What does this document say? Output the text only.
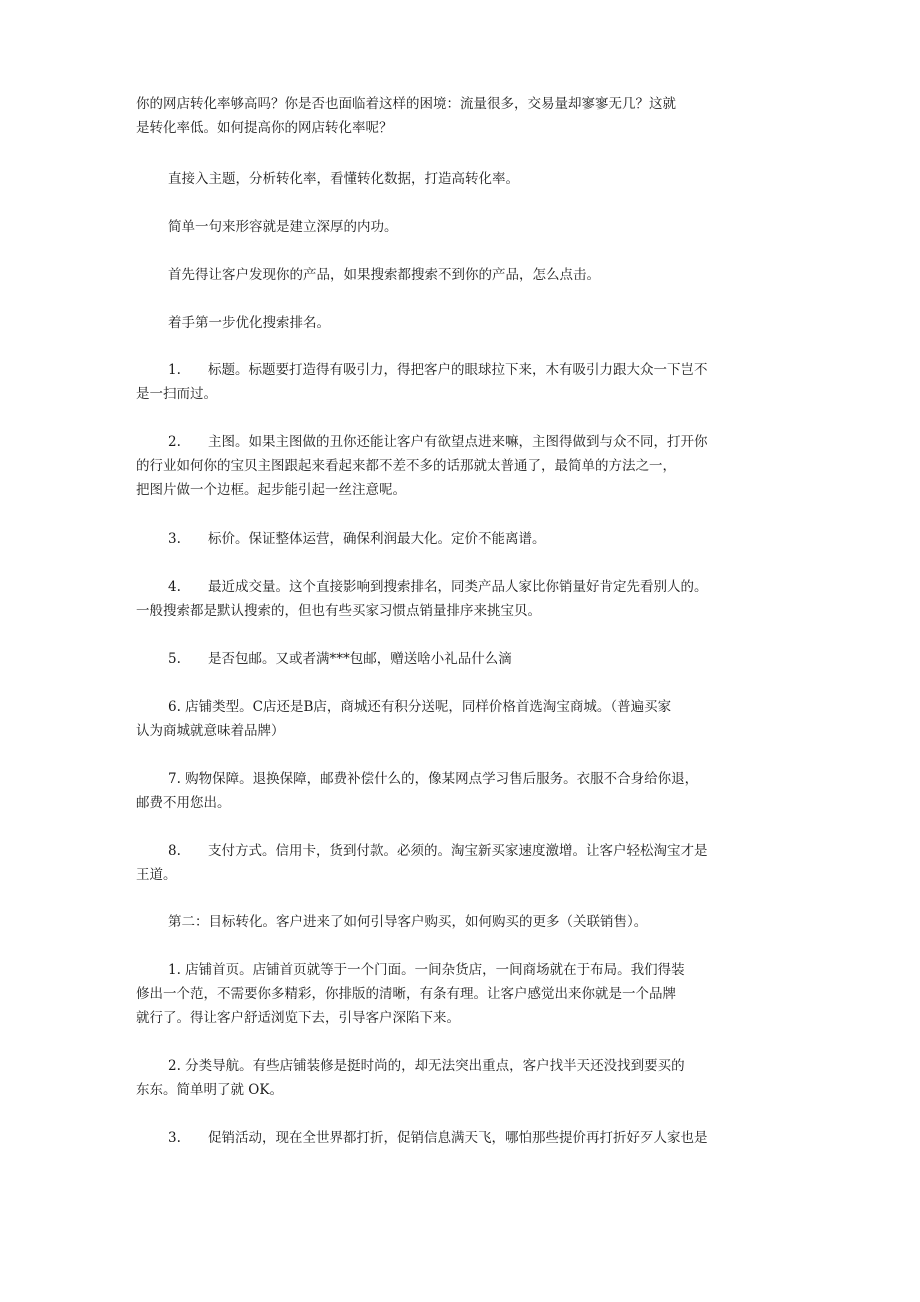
你的网店转化率够高吗？你是否也面临着这样的困境：流量很多，交易量却寥寥无几？这就
是转化率低。如何提高你的网店转化率呢？

直接入主题，分析转化率，看懂转化数据，打造高转化率。

简单一句来形容就是建立深厚的内功。

首先得让客户发现你的产品，如果搜索都搜索不到你的产品，怎么点击。

着手第一步优化搜索排名。

1. 标题。标题要打造得有吸引力，得把客户的眼球拉下来，木有吸引力跟大众一下岂不
是一扫而过。

2. 主图。如果主图做的丑你还能让客户有欲望点进来嘛，主图得做到与众不同，打开你
的行业如何你的宝贝主图跟起来看起来都不差不多的话那就太普通了，最简单的方法之一，
把图片做一个边框。起步能引起一丝注意呢。

3. 标价。保证整体运营，确保利润最大化。定价不能离谱。

4. 最近成交量。这个直接影响到搜索排名，同类产品人家比你销量好肯定先看别人的。
一般搜索都是默认搜索的，但也有些买家习惯点销量排序来挑宝贝。

5. 是否包邮。又或者满***包邮，赠送啥小礼品什么滴

6. 店铺类型。C店还是B店，商城还有积分送呢，同样价格首选淘宝商城。（普遍买家
认为商城就意味着品牌）

7. 购物保障。退换保障，邮费补偿什么的，像某网点学习售后服务。衣服不合身给你退，
邮费不用您出。

8. 支付方式。信用卡，货到付款。必须的。淘宝新买家速度激增。让客户轻松淘宝才是
王道。

第二：目标转化。客户进来了如何引导客户购买，如何购买的更多（关联销售）。

1. 店铺首页。店铺首页就等于一个门面。一间杂货店，一间商场就在于布局。我们得装
修出一个范，不需要你多精彩，你排版的清晰，有条有理。让客户感觉出来你就是一个品牌
就行了。得让客户舒适浏览下去，引导客户深陷下来。

2. 分类导航。有些店铺装修是挺时尚的，却无法突出重点，客户找半天还没找到要买的
东东。简单明了就 OK。

3. 促销活动，现在全世界都打折，促销信息满天飞，哪怕那些提价再打折好歹人家也是
